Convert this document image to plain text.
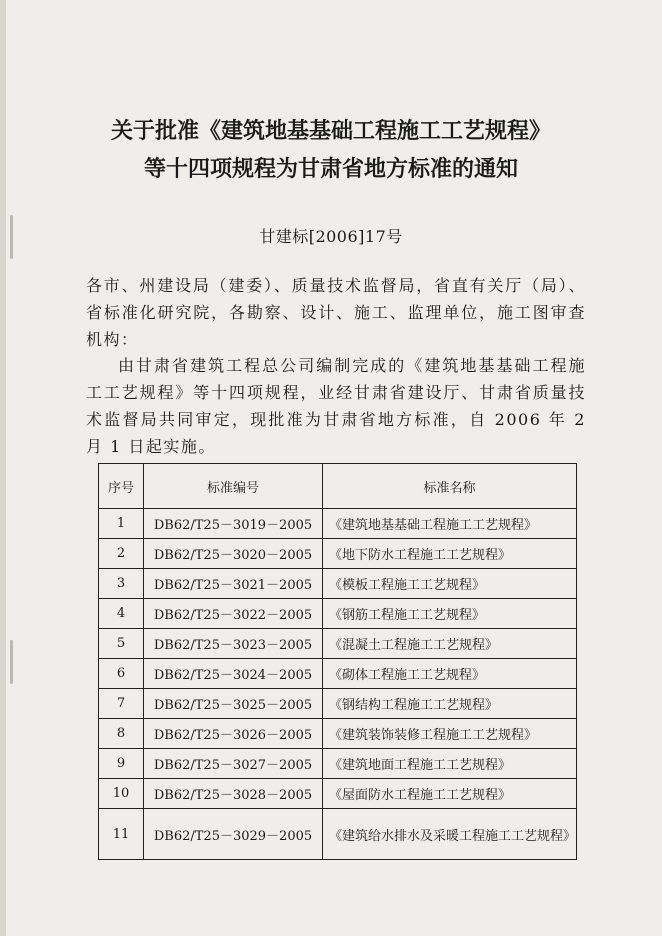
关于批准《建筑地基基础工程施工工艺规程》
等十四项规程为甘肃省地方标准的通知
甘建标[2006]17号
各市、州建设局（建委）、质量技术监督局，省直有关厅（局）、省标准化研究院，各勘察、设计、施工、监理单位，施工图审查机构：
由甘肃省建筑工程总公司编制完成的《建筑地基基础工程施工工艺规程》等十四项规程，业经甘肃省建设厅、甘肃省质量技术监督局共同审定，现批准为甘肃省地方标准，自 2006 年 2 月 1 日起实施。
序号	标准编号	标准名称
1	DB62/T25－3019－2005	《建筑地基基础工程施工工艺规程》
2	DB62/T25－3020－2005	《地下防水工程施工工艺规程》
3	DB62/T25－3021－2005	《模板工程施工工艺规程》
4	DB62/T25－3022－2005	《钢筋工程施工工艺规程》
5	DB62/T25－3023－2005	《混凝土工程施工工艺规程》
6	DB62/T25－3024－2005	《砌体工程施工工艺规程》
7	DB62/T25－3025－2005	《钢结构工程施工工艺规程》
8	DB62/T25－3026－2005	《建筑装饰装修工程施工工艺规程》
9	DB62/T25－3027－2005	《建筑地面工程施工工艺规程》
10	DB62/T25－3028－2005	《屋面防水工程施工工艺规程》
11	DB62/T25－3029－2005	《建筑给水排水及采暖工程施工工艺规程》
